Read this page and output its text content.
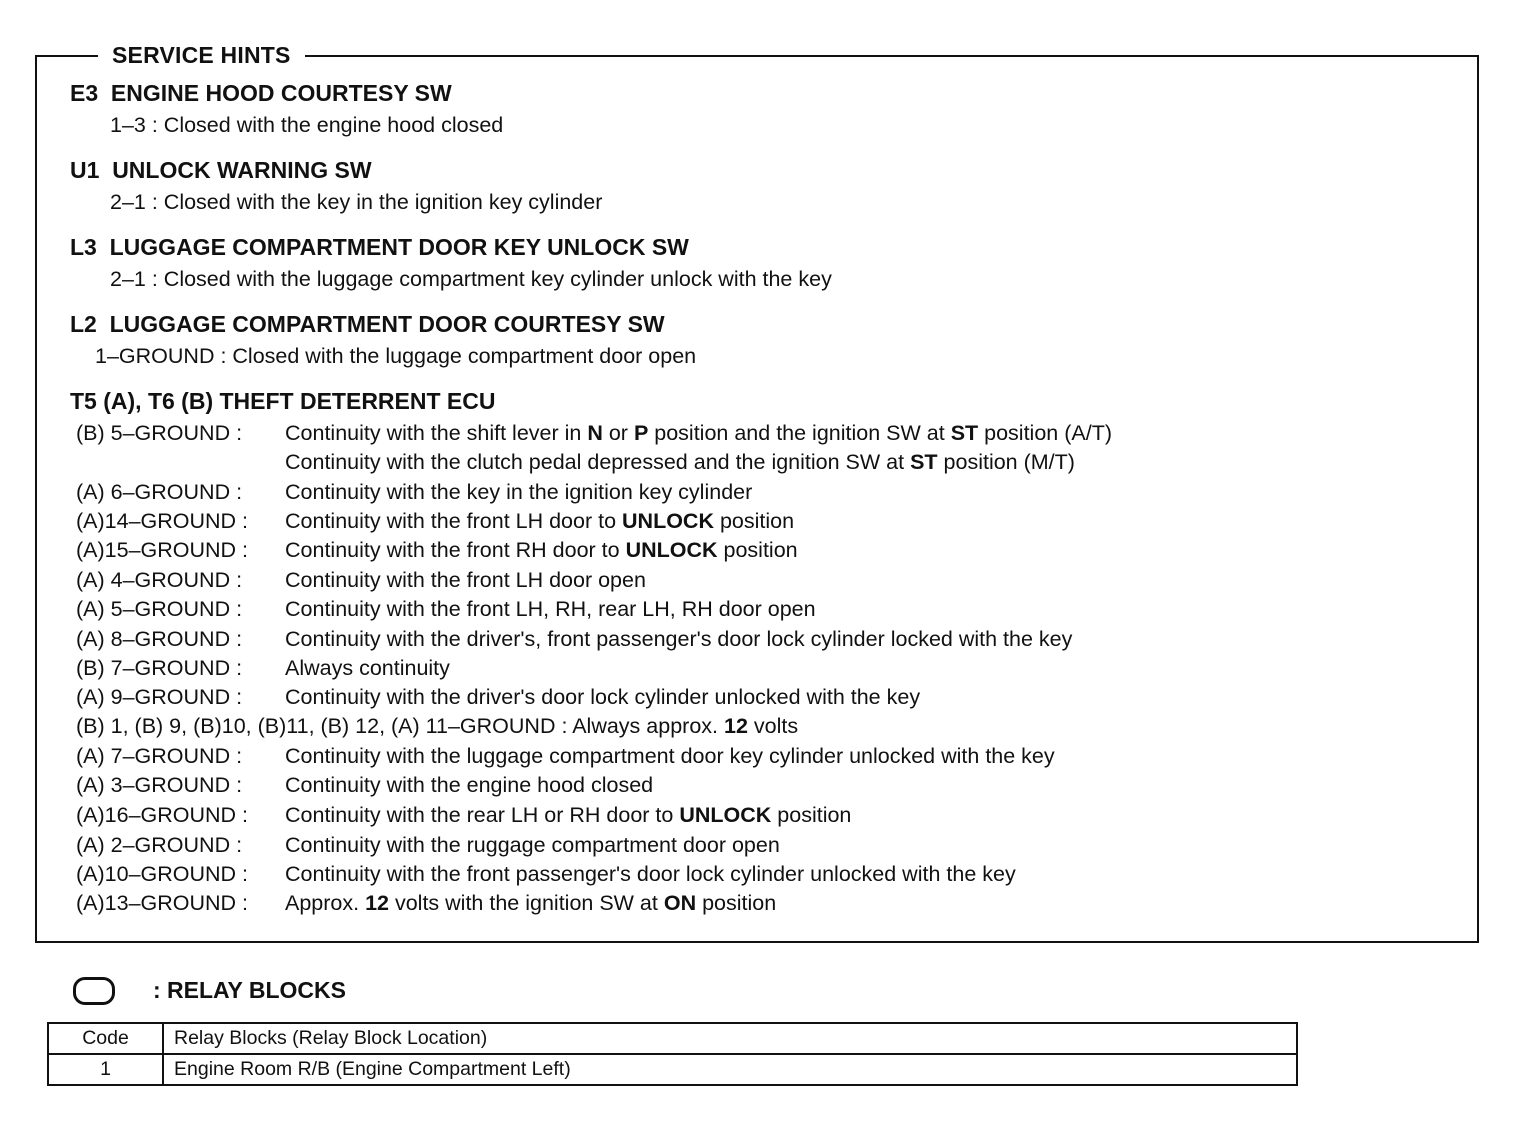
SERVICE HINTS
E3 ENGINE HOOD COURTESY SW
1–3 : Closed with the engine hood closed
U1 UNLOCK WARNING SW
2–1 : Closed with the key in the ignition key cylinder
L3 LUGGAGE COMPARTMENT DOOR KEY UNLOCK SW
2–1 : Closed with the luggage compartment key cylinder unlock with the key
L2 LUGGAGE COMPARTMENT DOOR COURTESY SW
1–GROUND : Closed with the luggage compartment door open
T5 (A), T6 (B) THEFT DETERRENT ECU
(B) 5–GROUND :	Continuity with the shift lever in N or P position and the ignition SW at ST position (A/T)
Continuity with the clutch pedal depressed and the ignition SW at ST position (M/T)
(A) 6–GROUND :	Continuity with the key in the ignition key cylinder
(A)14–GROUND :	Continuity with the front LH door to UNLOCK position
(A)15–GROUND :	Continuity with the front RH door to UNLOCK position
(A) 4–GROUND :	Continuity with the front LH door open
(A) 5–GROUND :	Continuity with the front LH, RH, rear LH, RH door open
(A) 8–GROUND :	Continuity with the driver's, front passenger's door lock cylinder locked with the key
(B) 7–GROUND :	Always continuity
(A) 9–GROUND :	Continuity with the driver's door lock cylinder unlocked with the key
(B) 1, (B) 9, (B)10, (B)11, (B) 12, (A) 11–GROUND : Always approx. 12 volts
(A) 7–GROUND :	Continuity with the luggage compartment door key cylinder unlocked with the key
(A) 3–GROUND :	Continuity with the engine hood closed
(A)16–GROUND :	Continuity with the rear LH or RH door to UNLOCK position
(A) 2–GROUND :	Continuity with the ruggage compartment door open
(A)10–GROUND :	Continuity with the front passenger's door lock cylinder unlocked with the key
(A)13–GROUND :	Approx. 12 volts with the ignition SW at ON position
: RELAY BLOCKS
Code	Relay Blocks (Relay Block Location)
1	Engine Room R/B (Engine Compartment Left)
